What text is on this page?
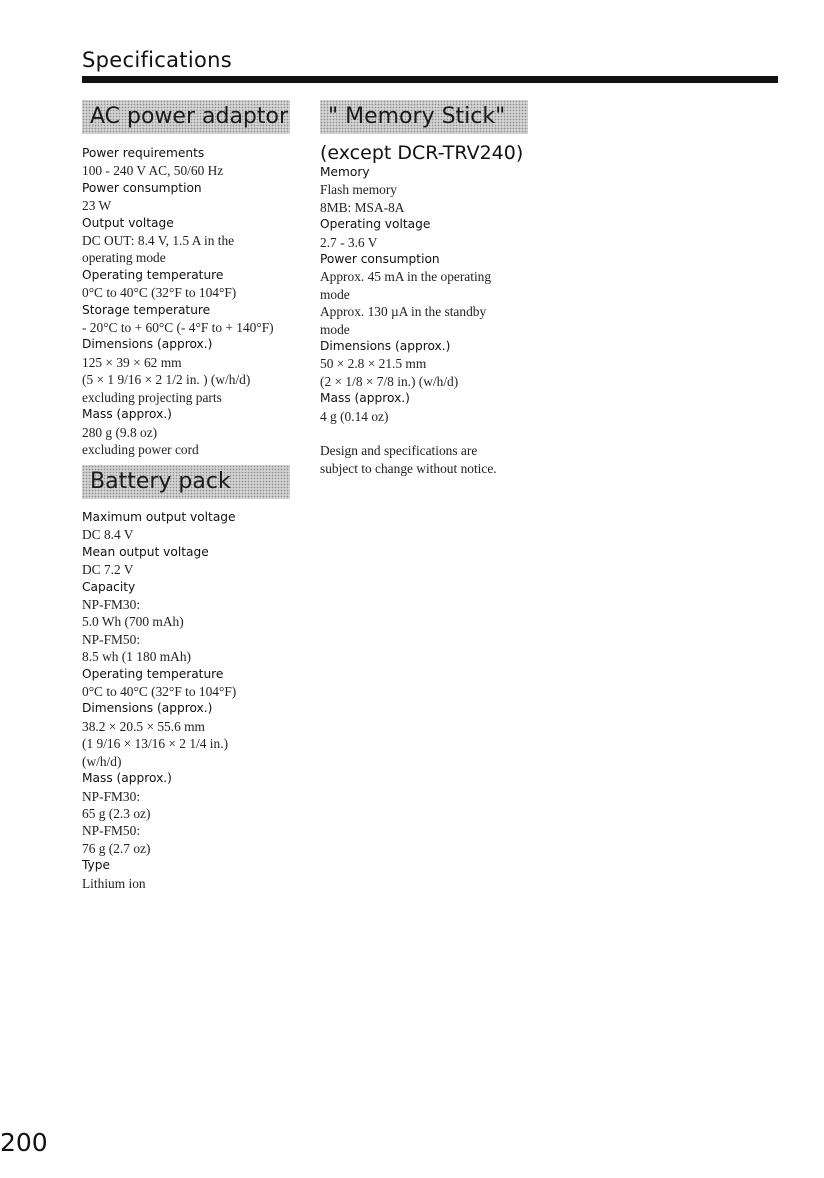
Specifications
AC power adaptor
Power requirements
100 - 240 V AC, 50/60 Hz
Power consumption
23 W
Output voltage
DC OUT: 8.4 V, 1.5 A in the
operating mode
Operating temperature
0°C to 40°C (32°F to 104°F)
Storage temperature
- 20°C to + 60°C (- 4°F to + 140°F)
Dimensions (approx.)
125 × 39 × 62 mm
(5 × 1 9/16 × 2 1/2 in. ) (w/h/d)
excluding projecting parts
Mass (approx.)
280 g (9.8 oz)
excluding power cord
Battery pack
Maximum output voltage
DC 8.4 V
Mean output voltage
DC 7.2 V
Capacity
NP-FM30:
5.0 Wh (700 mAh)
NP-FM50:
8.5 wh (1 180 mAh)
Operating temperature
0°C to 40°C (32°F to 104°F)
Dimensions (approx.)
38.2 × 20.5 × 55.6 mm
(1 9/16 × 13/16 × 2 1/4 in.)
(w/h/d)
Mass (approx.)
NP-FM30:
65 g (2.3 oz)
NP-FM50:
76 g (2.7 oz)
Type
Lithium ion
" Memory Stick"
(except DCR-TRV240)
Memory
Flash memory
8MB: MSA-8A
Operating voltage
2.7 - 3.6 V
Power consumption
Approx. 45 mA in the operating
mode
Approx. 130 µA in the standby
mode
Dimensions (approx.)
50 × 2.8 × 21.5 mm
(2 × 1/8 × 7/8 in.) (w/h/d)
Mass (approx.)
4 g (0.14 oz)
Design and specifications are
subject to change without notice.
200
